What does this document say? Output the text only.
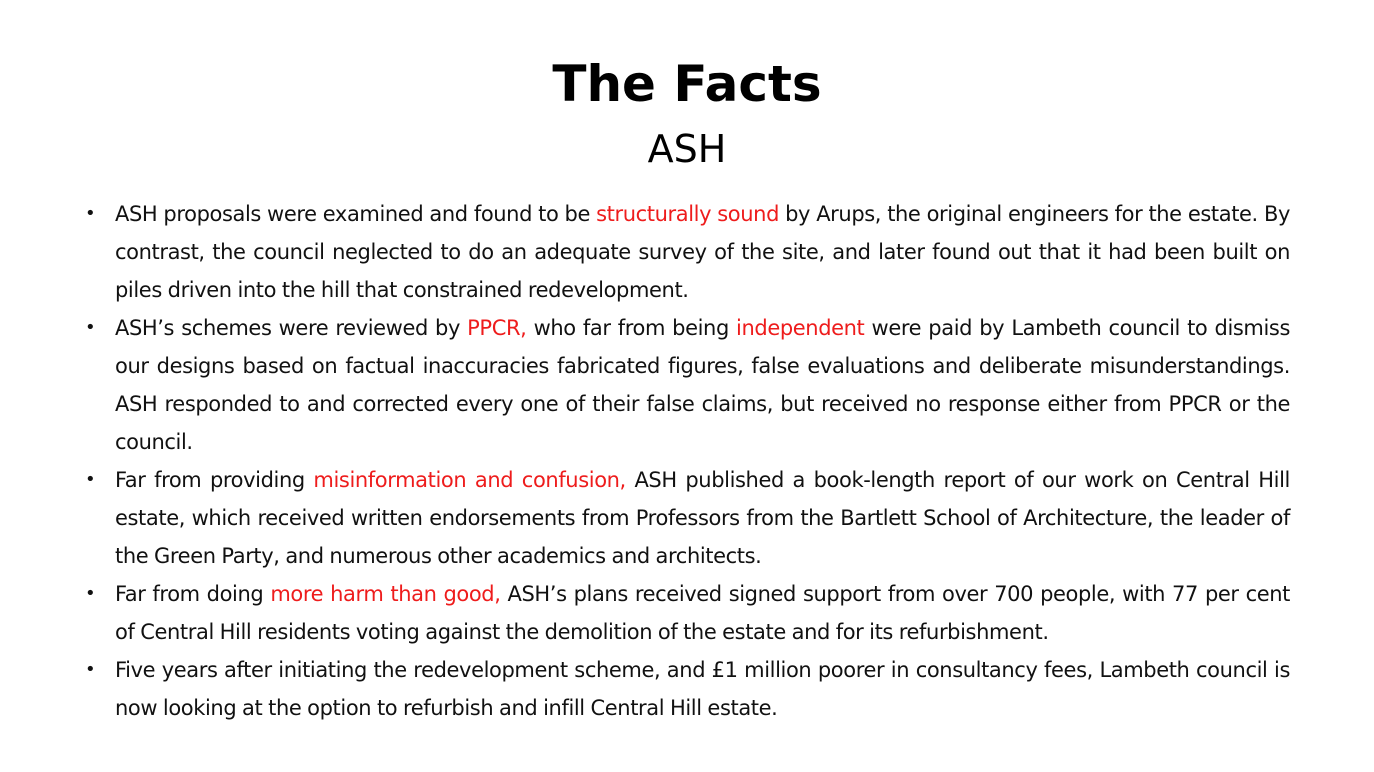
The Facts
ASH
• ASH proposals were examined and found to be structurally sound by Arups, the original engineers for the estate. By contrast, the council neglected to do an adequate survey of the site, and later found out that it had been built on piles driven into the hill that constrained redevelopment.
• ASH’s schemes were reviewed by PPCR, who far from being independent were paid by Lambeth council to dismiss our designs based on factual inaccuracies fabricated figures, false evaluations and deliberate misunderstandings. ASH responded to and corrected every one of their false claims, but received no response either from PPCR or the council.
• Far from providing misinformation and confusion, ASH published a book-length report of our work on Central Hill estate, which received written endorsements from Professors from the Bartlett School of Architecture, the leader of the Green Party, and numerous other academics and architects.
• Far from doing more harm than good, ASH’s plans received signed support from over 700 people, with 77 per cent of Central Hill residents voting against the demolition of the estate and for its refurbishment.
• Five years after initiating the redevelopment scheme, and £1 million poorer in consultancy fees, Lambeth council is now looking at the option to refurbish and infill Central Hill estate.
